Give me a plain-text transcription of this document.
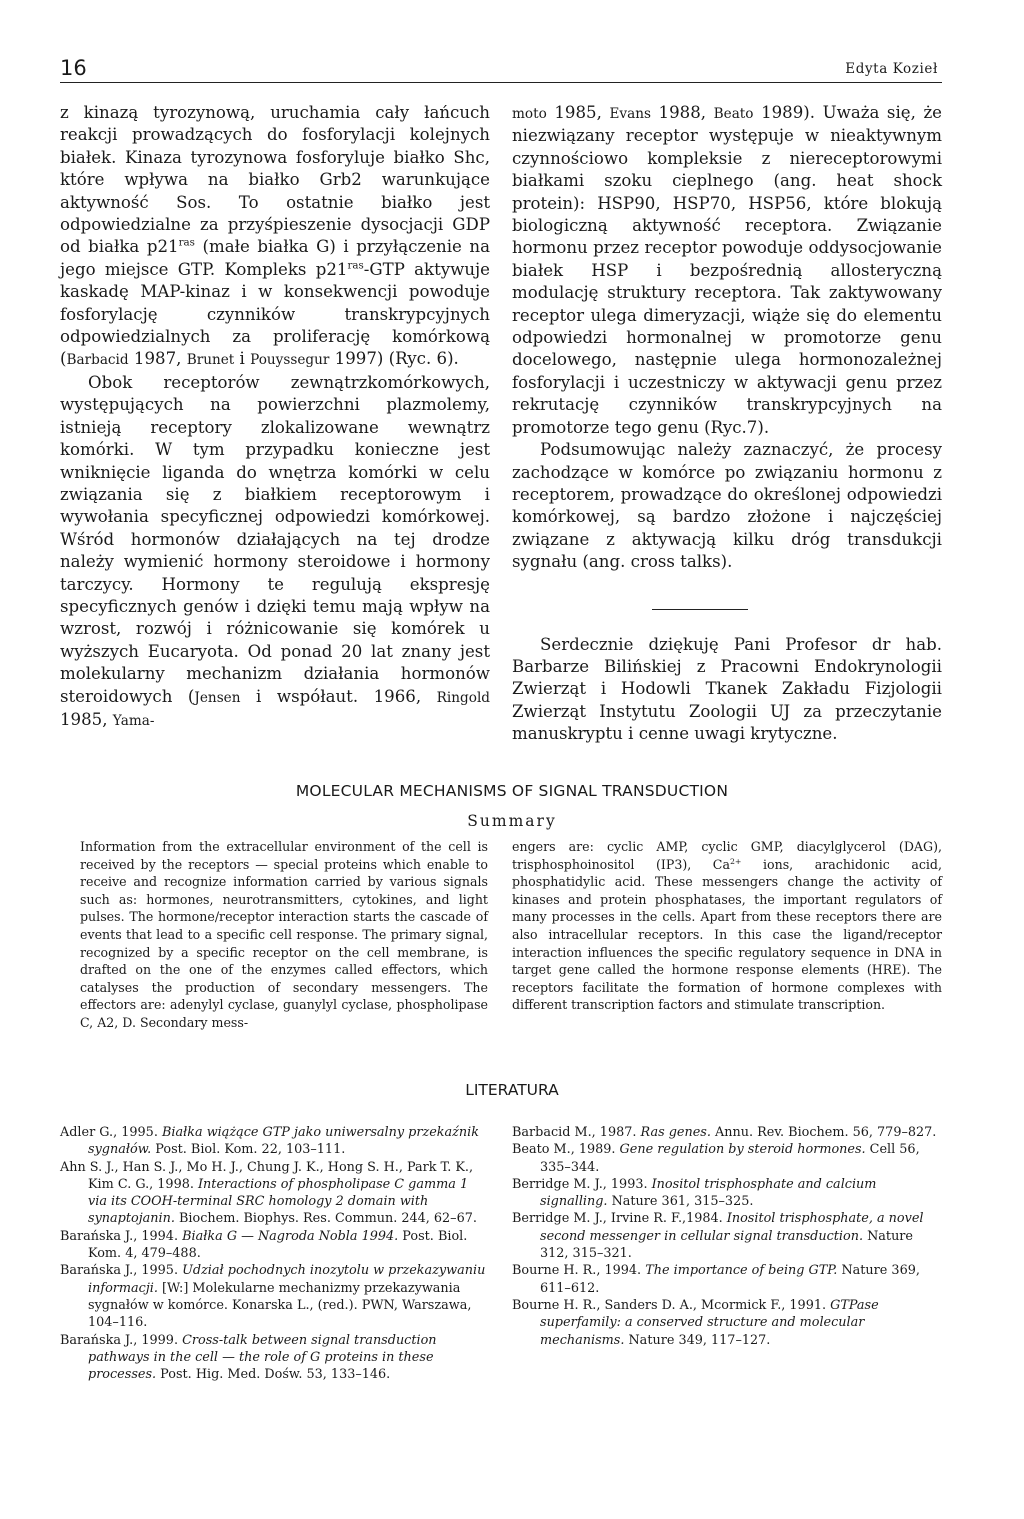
16	Edyta Kozieł

z kinazą tyrozynową, uruchamia cały łańcuch reakcji prowadzących do fosforylacji kolejnych białek. Kinaza tyrozynowa fosforyluje białko Shc, które wpływa na białko Grb2 warunkujące aktywność Sos. To ostatnie białko jest odpowiedzialne za przyśpieszenie dysocjacji GDP od białka $p21^{ras}$ (małe białka G) i przyłączenie na jego miejsce GTP. Kompleks $p21^{ras}$-GTP aktywuje kaskadę MAP-kinaz i w konsekwencji powoduje fosforylację czynników transkrypcyjnych odpowiedzialnych za proliferację komórkową (Barbacid 1987, Brunet i Pouyssegur 1997) (Ryc. 6).

Obok receptorów zewnątrzkomórkowych, występujących na powierzchni plazmolemy, istnieją receptory zlokalizowane wewnątrz komórki. W tym przypadku konieczne jest wniknięcie liganda do wnętrza komórki w celu związania się z białkiem receptorowym i wywołania specyficznej odpowiedzi komórkowej. Wśród hormonów działających na tej drodze należy wymienić hormony steroidowe i hormony tarczycy. Hormony te regulują ekspresję specyficznych genów i dzięki temu mają wpływ na wzrost, rozwój i różnicowanie się komórek u wyższych Eucaryota. Od ponad 20 lat znany jest molekularny mechanizm działania hormonów steroidowych (Jensen i współaut. 1966, Ringold 1985, Yama-

moto 1985, Evans 1988, Beato 1989). Uważa się, że niezwiązany receptor występuje w nieaktywnym czynnościowo kompleksie z niereceptorowymi białkami szoku cieplnego (ang. heat shock protein): HSP90, HSP70, HSP56, które blokują biologiczną aktywność receptora. Związanie hormonu przez receptor powoduje oddysocjowanie białek HSP i bezpośrednią allosteryczną modulację struktury receptora. Tak zaktywowany receptor ulega dimeryzacji, wiąże się do elementu odpowiedzi hormonalnej w promotorze genu docelowego, następnie ulega hormonozależnej fosforylacji i uczestniczy w aktywacji genu przez rekrutację czynników transkrypcyjnych na promotorze tego genu (Ryc.7).

Podsumowując należy zaznaczyć, że procesy zachodzące w komórce po związaniu hormonu z receptorem, prowadzące do określonej odpowiedzi komórkowej, są bardzo złożone i najczęściej związane z aktywacją kilku dróg transdukcji sygnału (ang. cross talks).

Serdecznie dziękuję Pani Profesor dr hab. Barbarze Bilińskiej z Pracowni Endokrynologii Zwierząt i Hodowli Tkanek Zakładu Fizjologii Zwierząt Instytutu Zoologii UJ za przeczytanie manuskryptu i cenne uwagi krytyczne.

MOLECULAR MECHANISMS OF SIGNAL TRANSDUCTION
Summary

Information from the extracellular environment of the cell is received by the receptors — special proteins which enable to receive and recognize information carried by various signals such as: hormones, neurotransmitters, cytokines, and light pulses. The hormone/receptor interaction starts the cascade of events that lead to a specific cell response. The primary signal, recognized by a specific receptor on the cell membrane, is drafted on the one of the enzymes called effectors, which catalyses the production of secondary messengers. The effectors are: adenylyl cyclase, guanylyl cyclase, phospholipase C, A2, D. Secondary mess-

engers are: cyclic AMP, cyclic GMP, diacylglycerol (DAG), trisphosphoinositol (IP3), $Ca^{2+}$ ions, arachidonic acid, phosphatidylic acid. These messengers change the activity of kinases and protein phosphatases, the important regulators of many processes in the cells. Apart from these receptors there are also intracellular receptors. In this case the ligand/receptor interaction influences the specific regulatory sequence in DNA in target gene called the hormone response elements (HRE). The receptors facilitate the formation of hormone complexes with different transcription factors and stimulate transcription.

LITERATURA

Adler G., 1995. Białka wiążące GTP jako uniwersalny przekaźnik sygnałów. Post. Biol. Kom. 22, 103–111.

Ahn S. J., Han S. J., Mo H. J., Chung J. K., Hong S. H., Park T. K., Kim C. G., 1998. Interactions of phospholipase C gamma 1 via its COOH-terminal SRC homology 2 domain with synaptojanin. Biochem. Biophys. Res. Commun. 244, 62–67.

Barańska J., 1994. Białka G — Nagroda Nobla 1994. Post. Biol. Kom. 4, 479–488.

Barańska J., 1995. Udział pochodnych inozytolu w przekazywaniu informacji. [W:] Molekularne mechanizmy przekazywania sygnałów w komórce. Konarska L., (red.). PWN, Warszawa, 104–116.

Barańska J., 1999. Cross-talk between signal transduction pathways in the cell — the role of G proteins in these processes. Post. Hig. Med. Dośw. 53, 133–146.

Barbacid M., 1987. Ras genes. Annu. Rev. Biochem. 56, 779–827.

Beato M., 1989. Gene regulation by steroid hormones. Cell 56, 335–344.

Berridge M. J., 1993. Inositol trisphosphate and calcium signalling. Nature 361, 315–325.

Berridge M. J., Irvine R. F.,1984. Inositol trisphosphate, a novel second messenger in cellular signal transduction. Nature 312, 315–321.

Bourne H. R., 1994. The importance of being GTP. Nature 369, 611–612.

Bourne H. R., Sanders D. A., Mcormick F., 1991. GTPase superfamily: a conserved structure and molecular mechanisms. Nature 349, 117–127.
